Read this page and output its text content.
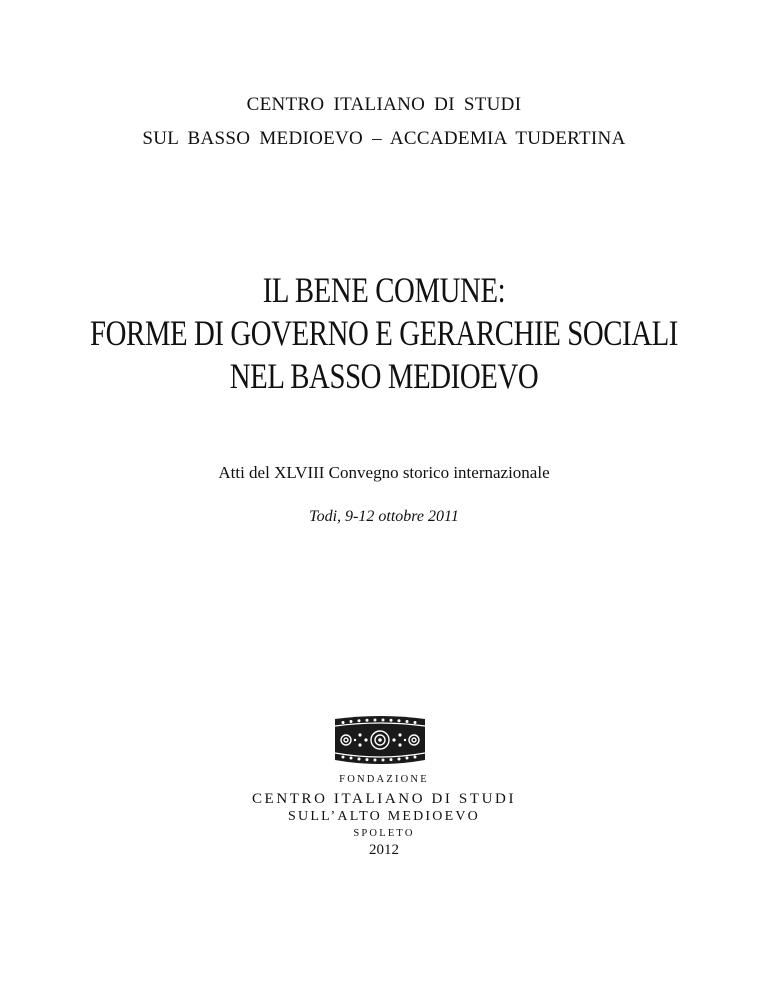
CENTRO ITALIANO DI STUDI
SUL BASSO MEDIOEVO – ACCADEMIA TUDERTINA
IL BENE COMUNE:
FORME DI GOVERNO E GERARCHIE SOCIALI
NEL BASSO MEDIOEVO
Atti del XLVIII Convegno storico internazionale
Todi, 9-12 ottobre 2011
FONDAZIONE
CENTRO ITALIANO DI STUDI
SULL’ALTO MEDIOEVO
SPOLETO
2012
